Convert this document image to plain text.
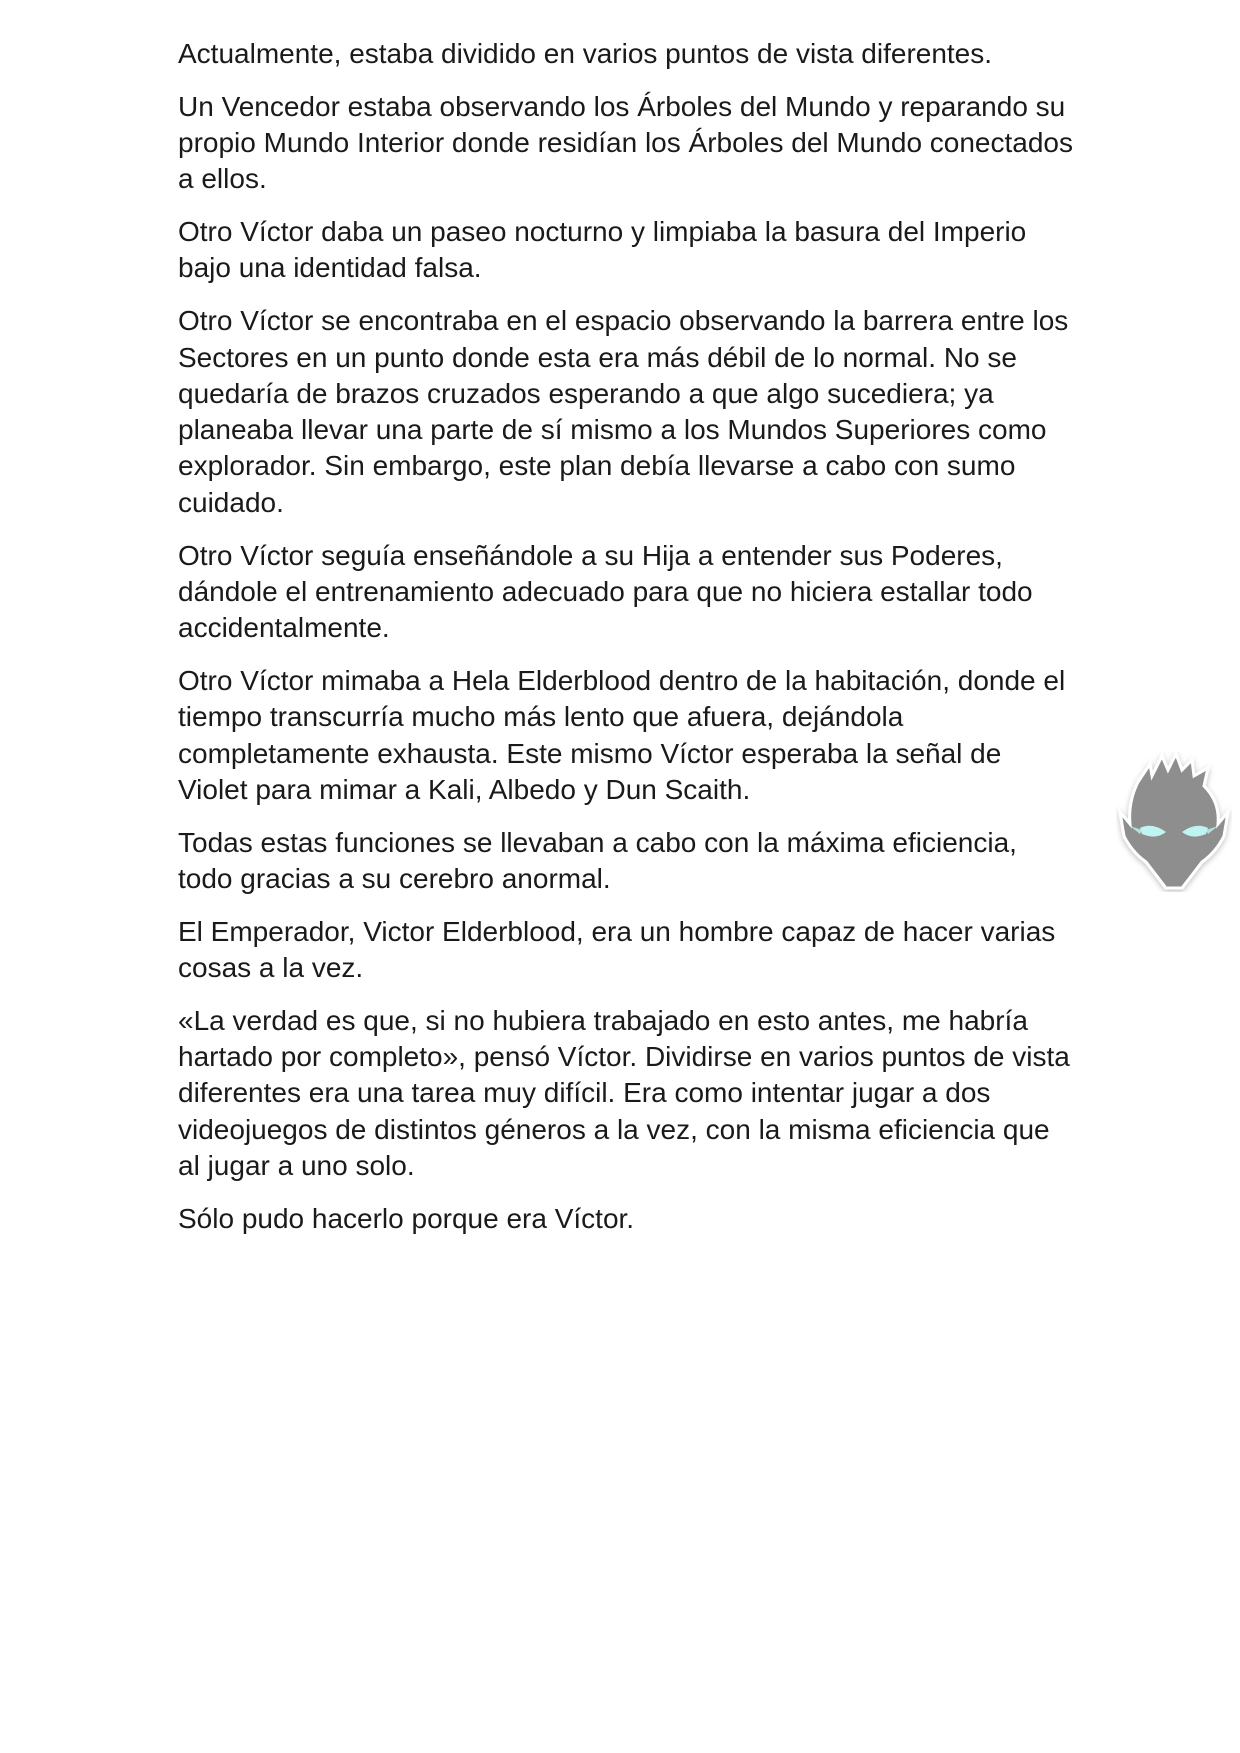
Actualmente, estaba dividido en varios puntos de vista diferentes.

Un Vencedor estaba observando los Árboles del Mundo y reparando su propio Mundo Interior donde residían los Árboles del Mundo conectados a ellos.

Otro Víctor daba un paseo nocturno y limpiaba la basura del Imperio bajo una identidad falsa.

Otro Víctor se encontraba en el espacio observando la barrera entre los Sectores en un punto donde esta era más débil de lo normal. No se quedaría de brazos cruzados esperando a que algo sucediera; ya planeaba llevar una parte de sí mismo a los Mundos Superiores como explorador. Sin embargo, este plan debía llevarse a cabo con sumo cuidado.

Otro Víctor seguía enseñándole a su Hija a entender sus Poderes, dándole el entrenamiento adecuado para que no hiciera estallar todo accidentalmente.

Otro Víctor mimaba a Hela Elderblood dentro de la habitación, donde el tiempo transcurría mucho más lento que afuera, dejándola completamente exhausta. Este mismo Víctor esperaba la señal de Violet para mimar a Kali, Albedo y Dun Scaith.

Todas estas funciones se llevaban a cabo con la máxima eficiencia, todo gracias a su cerebro anormal.

El Emperador, Victor Elderblood, era un hombre capaz de hacer varias cosas a la vez.

«La verdad es que, si no hubiera trabajado en esto antes, me habría hartado por completo», pensó Víctor. Dividirse en varios puntos de vista diferentes era una tarea muy difícil. Era como intentar jugar a dos videojuegos de distintos géneros a la vez, con la misma eficiencia que al jugar a uno solo.

Sólo pudo hacerlo porque era Víctor.
